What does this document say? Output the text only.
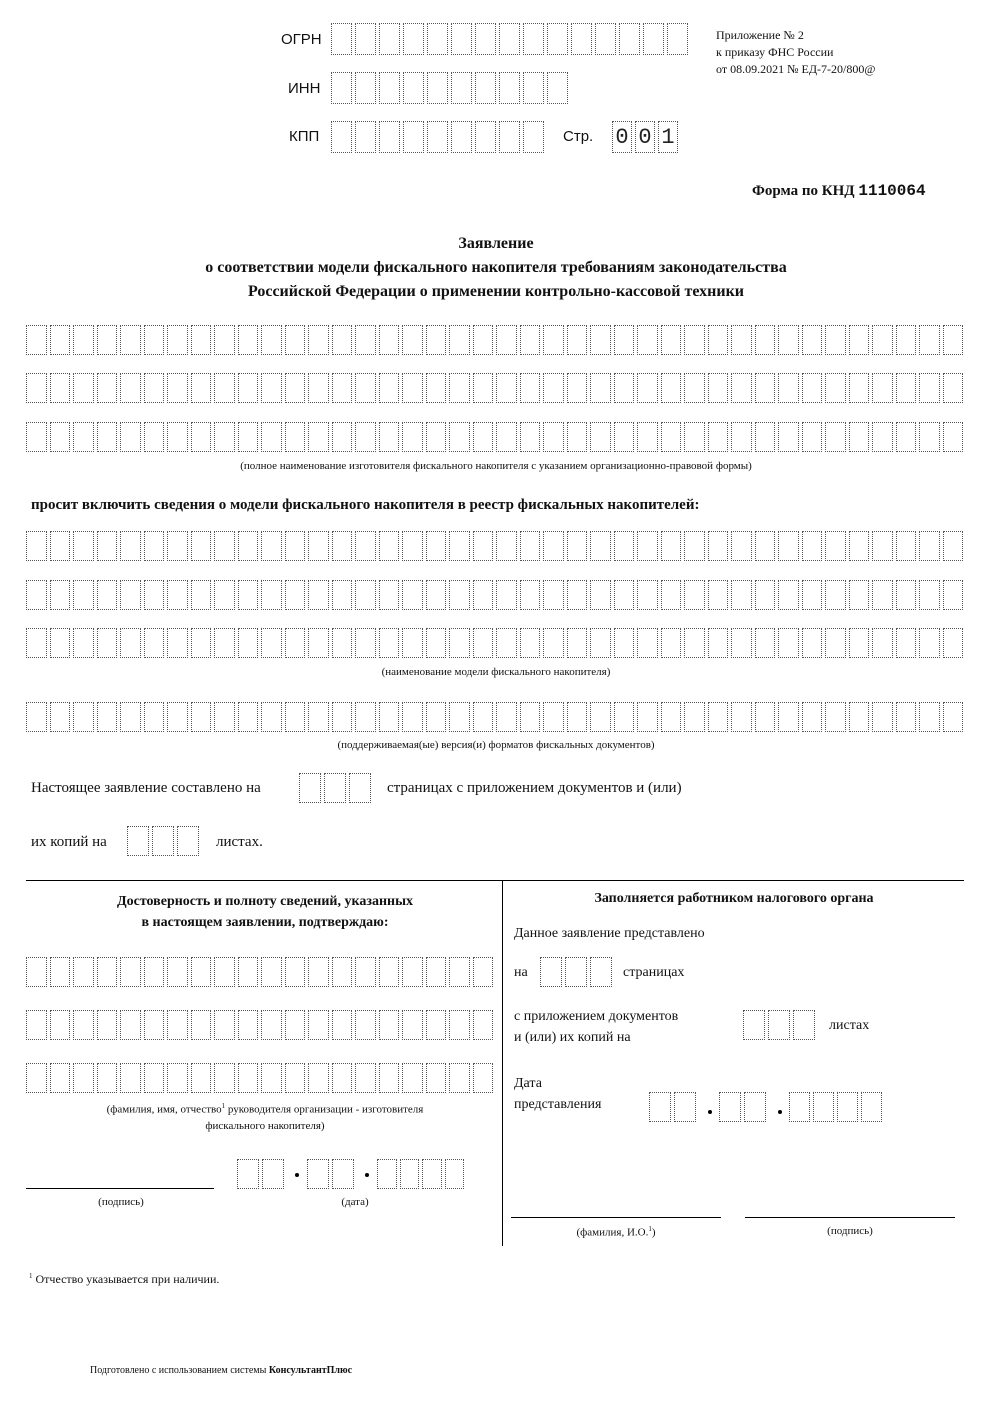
ОГРН
ИНН
КПП	Стр. 0 0 1
Приложение № 2
к приказу ФНС России
от 08.09.2021 № ЕД-7-20/800@
Форма по КНД 1110064
Заявление
о соответствии модели фискального накопителя требованиям законодательства
Российской Федерации о применении контрольно-кассовой техники
(полное наименование изготовителя фискального накопителя с указанием организационно-правовой формы)
просит включить сведения о модели фискального накопителя в реестр фискальных накопителей:
(наименование модели фискального накопителя)
(поддерживаемая(ые) версия(и) форматов фискальных документов)
Настоящее заявление составлено на	страницах с приложением документов и (или)
их копий на	листах.
Достоверность и полноту сведений, указанных
в настоящем заявлении, подтверждаю:
(фамилия, имя, отчество$^1$ руководителя организации - изготовителя
фискального накопителя)
(подпись)	(дата)
Заполняется работником налогового органа
Данное заявление представлено
на	страницах
с приложением документов
и (или) их копий на
листах
Дата
представления
(фамилия, И.О.$^1$)	(подпись)
$^1$ Отчество указывается при наличии.
Подготовлено с использованием системы КонсультантПлюс
